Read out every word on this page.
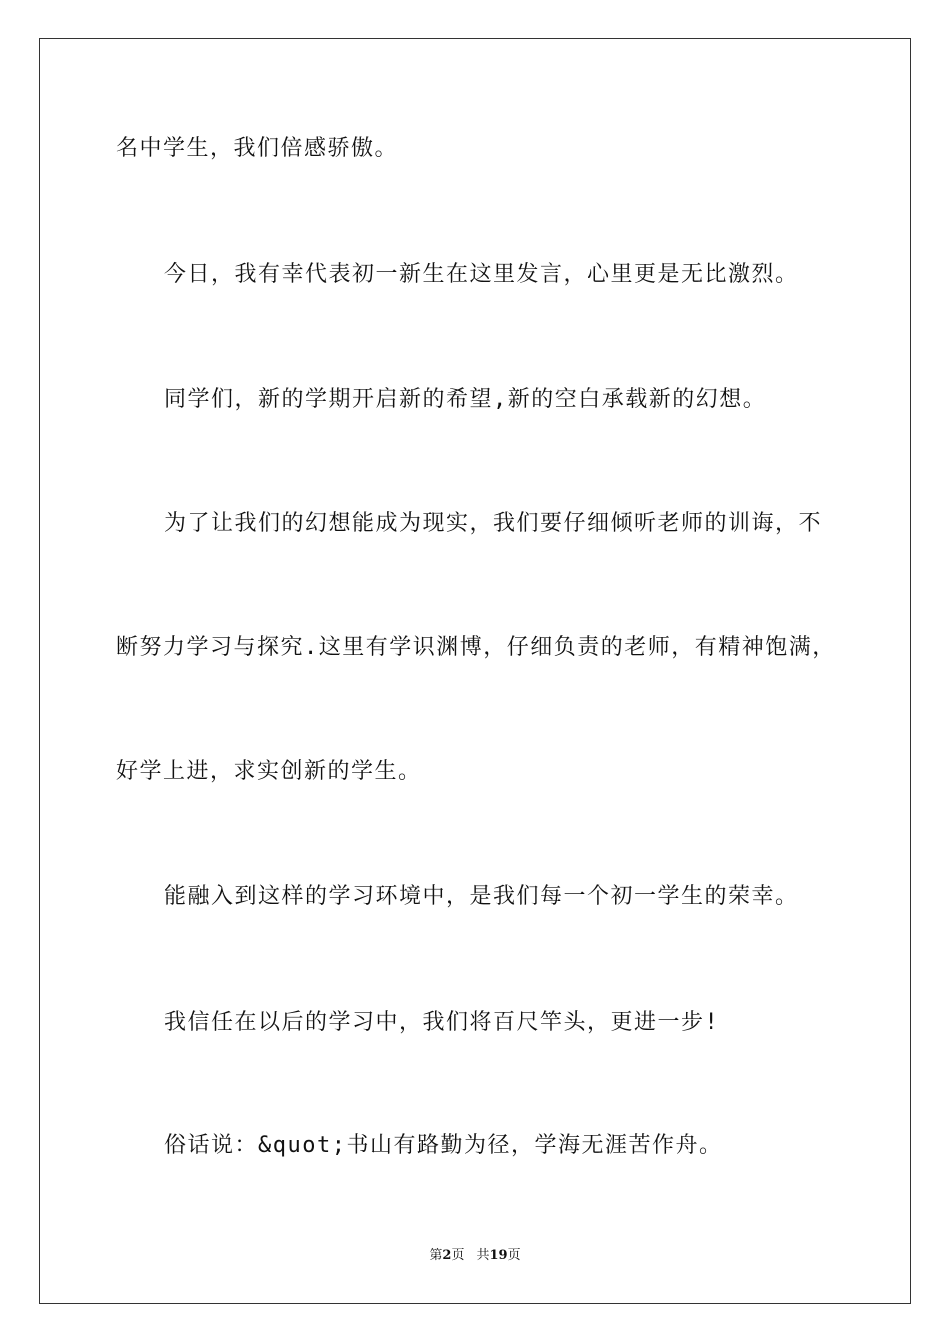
名中学生，我们倍感骄傲。
今日，我有幸代表初一新生在这里发言，心里更是无比激烈。
同学们，新的学期开启新的希望,新的空白承载新的幻想。
为了让我们的幻想能成为现实，我们要仔细倾听老师的训诲，不
断努力学习与探究.这里有学识渊博，仔细负责的老师，有精神饱满，
好学上进，求实创新的学生。
能融入到这样的学习环境中，是我们每一个初一学生的荣幸。
我信任在以后的学习中，我们将百尺竿头，更进一步!
俗话说：&quot;书山有路勤为径，学海无涯苦作舟。
第2页 共19页
